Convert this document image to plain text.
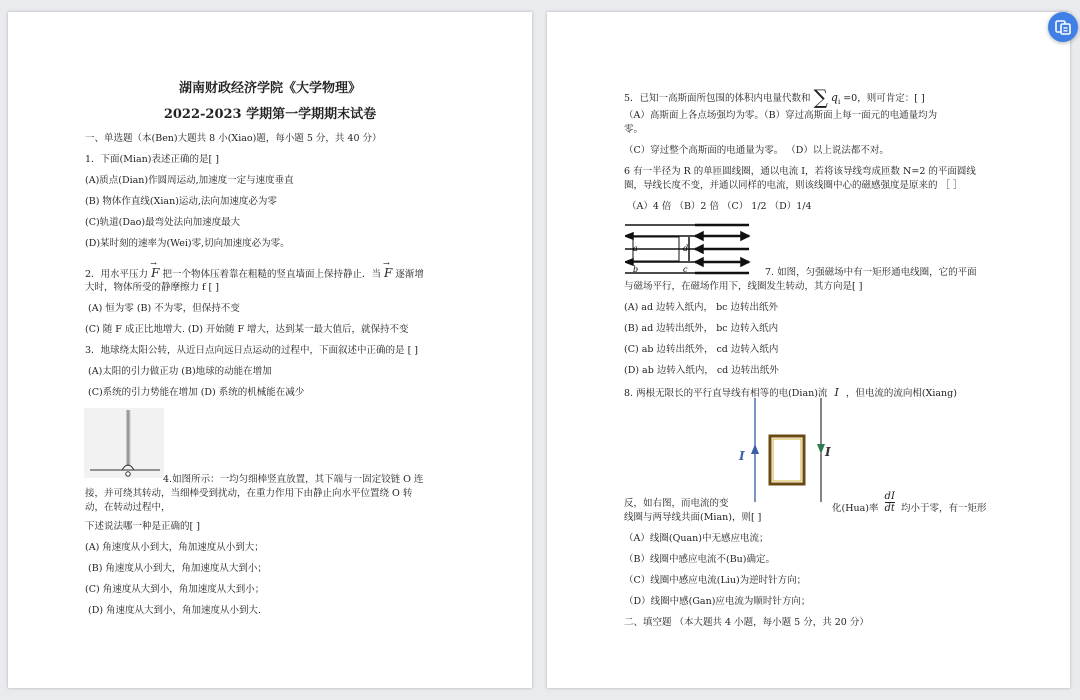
湖南财政经济学院《大学物理》
2022-2023 学期第一学期期末试卷
一、单选题（本(Ben)大题共 8 小(Xiao)题，每小题 5 分，共 40 分）
1．下面(Mian)表述正确的是[ ]
(A)质点(Dian)作圆周运动,加速度一定与速度垂直
(B) 物体作直线(Xian)运动,法向加速度必为零
(C)轨道(Dao)最弯处法向加速度最大
(D)某时刻的速率为(Wei)零,切向加速度必为零。
2．用水平压力 → F 把一个物体压着靠在粗糙的竖直墙面上保持静止．当 → F 逐渐增
大时，物体所受的静摩擦力 f [ ]
(A) 恒为零 (B) 不为零，但保持不变
(C) 随 F 成正比地增大. (D) 开始随 F 增大，达到某一最大值后，就保持不变
3．地球绕太阳公转，从近日点向远日点运动的过程中，下面叙述中正确的是 [ ]
(A)太阳的引力做正功 (B)地球的动能在增加
(C)系统的引力势能在增加 (D) 系统的机械能在减少
4.如图所示：一均匀细棒竖直放置，其下端与一固定铰链 O 连
接，并可绕其转动，当细棒受到扰动，在重力作用下由静止向水平位置绕 O 转
动，在转动过程中，
下述说法哪一种是正确的[ ]
(A) 角速度从小到大，角加速度从小到大；
(B) 角速度从小到大，角加速度从大到小；
(C) 角速度从大到小，角加速度从大到小；
(D) 角速度从大到小，角加速度从小到大.
5．已知一高斯面所包围的体积内电量代数和 ∑ $q_i =0$，则可肯定：[ ]
（A）高斯面上各点场强均为零。（B）穿过高斯面上每一面元的电通量均为
零。
（C）穿过整个高斯面的电通量为零。 （D）以上说法都不对。
6 有一半径为 R 的单匝圆线圈，通以电流 I，若将该导线弯成匝数 N=2 的平面圆线
圈，导线长度不变，并通以同样的电流，则该线圈中心的磁感强度是原来的 ［ ］
（A）4 倍 （B）2 倍 （C） 1/2 （D）1/4
a
b	c
d
7. 如图，匀强磁场中有一矩形通电线圈，它的平面
与磁场平行，在磁场作用下，线圈发生转动，其方向是[ ]
(A) ad 边转入纸内， bc 边转出纸外
(B) ad 边转出纸外， bc 边转入纸内
(C) ab 边转出纸外， cd 边转入纸内
(D) ab 边转入纸内， cd 边转出纸外
8. 两根无限长的平行直导线有相等的电(Dian)流 I ，但电流的流向相(Xiang)
I	I
反，如右图，而电流的变	化(Hua)率 $\frac{dI}{dt}$ 均小于零，有一矩形
线圈与两导线共面(Mian)，则[ ]
（A）线圈(Quan)中无感应电流；
（B）线圈中感应电流不(Bu)确定。
（C）线圈中感应电流(Liu)为逆时针方向；
（D）线圈中感(Gan)应电流为顺时针方向；
二、填空题 （本大题共 4 小题，每小题 5 分，共 20 分）
